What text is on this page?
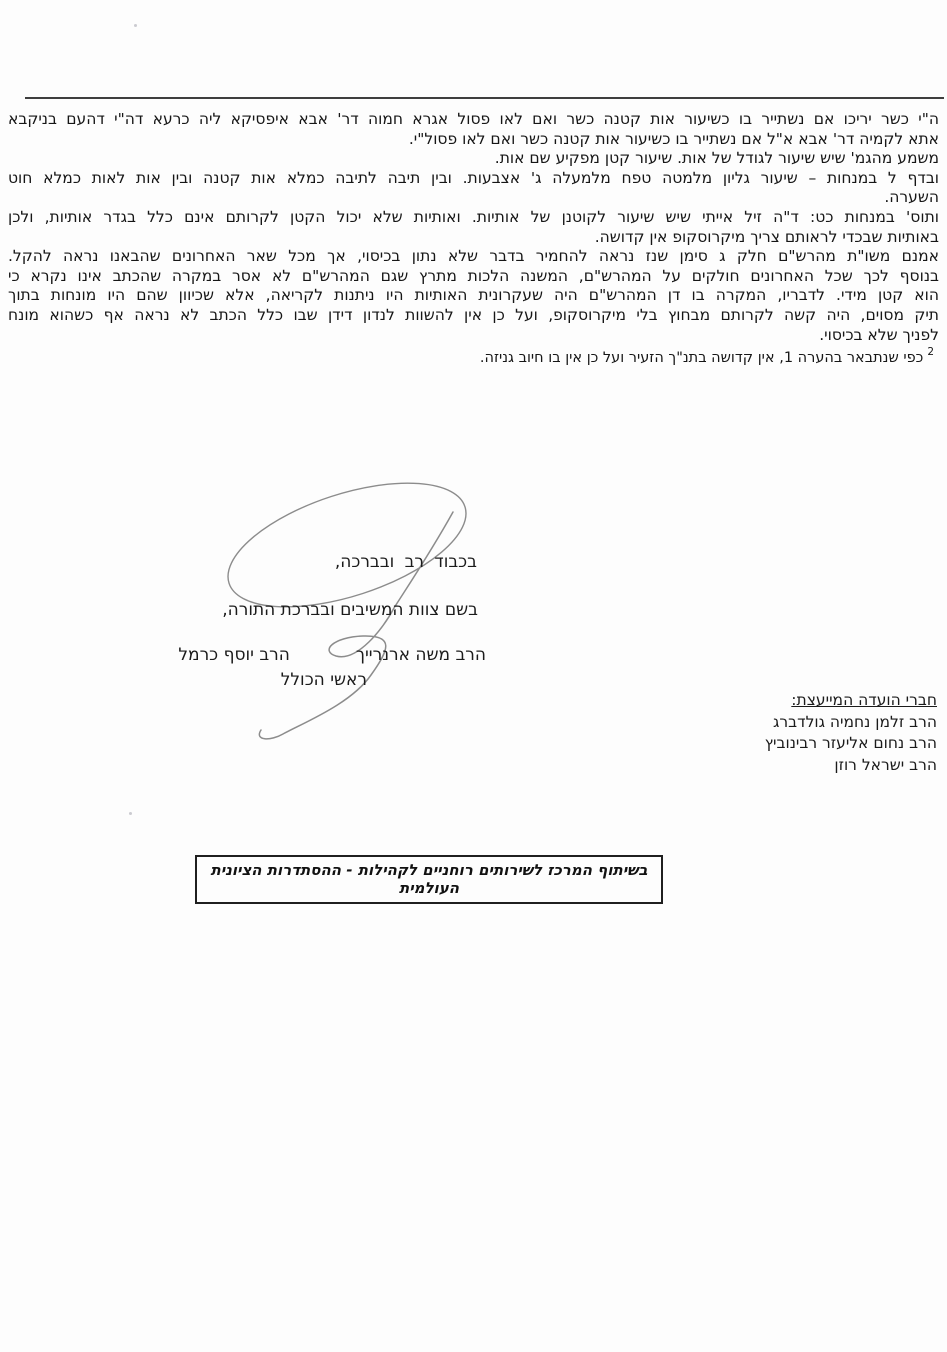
ה"י כשר יריכו אם נשתייר בו כשיעור אות קטנה כשר ואם לאו פסול אגרא חמוה דר' אבא איפסיקא ליה כרעא דה"י דהעם בניקבא
אתא לקמיה דר' אבא א"ל אם נשתייר בו כשיעור אות קטנה כשר ואם לאו פסול"י.
משמע מהגמ' שיש שיעור לגודל של אות. שיעור קטן מפקיע שם אות.
ובדף ל במנחות – שיעור גליון מלמטה טפח מלמעלה ג' אצבעות. ובין תיבה לתיבה כמלא אות קטנה ובין אות לאות כמלא חוט
השערה.
ותוס' במנחות כט: ד"ה זיל אייתי שיש שיעור לקוטנן של אותיות. ואותיות שלא יכול הקטן לקרותם אינם כלל בגדר אותיות, ולכן
באותיות שבכדי לראותם צריך מיקרוסקופ אין קדושה.
אמנם משו"ת מהרש"ם חלק ג סימן שנז נראה להחמיר בדבר שלא נתון בכיסוי, אך מכל שאר האחרונים שהבאנו נראה להקל.
בנוסף לכך שכל האחרונים חולקים על המהרש"ם, המשנה הלכות מתרץ שגם המהרש"ם לא אסר במקרה שהכתב אינו נקרא כי
הוא קטן מידי. לדבריו, המקרה בו דן המהרש"ם היה שעקרונית האותיות היו ניתנות לקריאה, אלא שכיוון שהם היו מונחות בתוך
תיק מסוים, היה קשה לקרותם מבחוץ בלי מיקרוסקופ, ועל כן אין להשוות לנדון דידן שבו כלל הכתב לא נראה אף כשהוא מונח
לפניך שלא בכיסוי.
$^2$כפי שנתבאר בהערה 1, אין קדושה בתנ"ך הזעיר ועל כן אין בו חיוב גניזה.
בכבוד רב ובברכה,
בשם צוות המשיבים ובברכת התורה,
הרב משה ארנרייך
הרב יוסף כרמל
ראשי הכולל
חברי הועדה המייעצת:
הרב זלמן נחמיה גולדברג
הרב נחום אליעזר רבינוביץ
הרב ישראל רוזן
בשיתוף המרכז לשירותים רוחניים לקהילות - ההסתדרות הציונית העולמית
